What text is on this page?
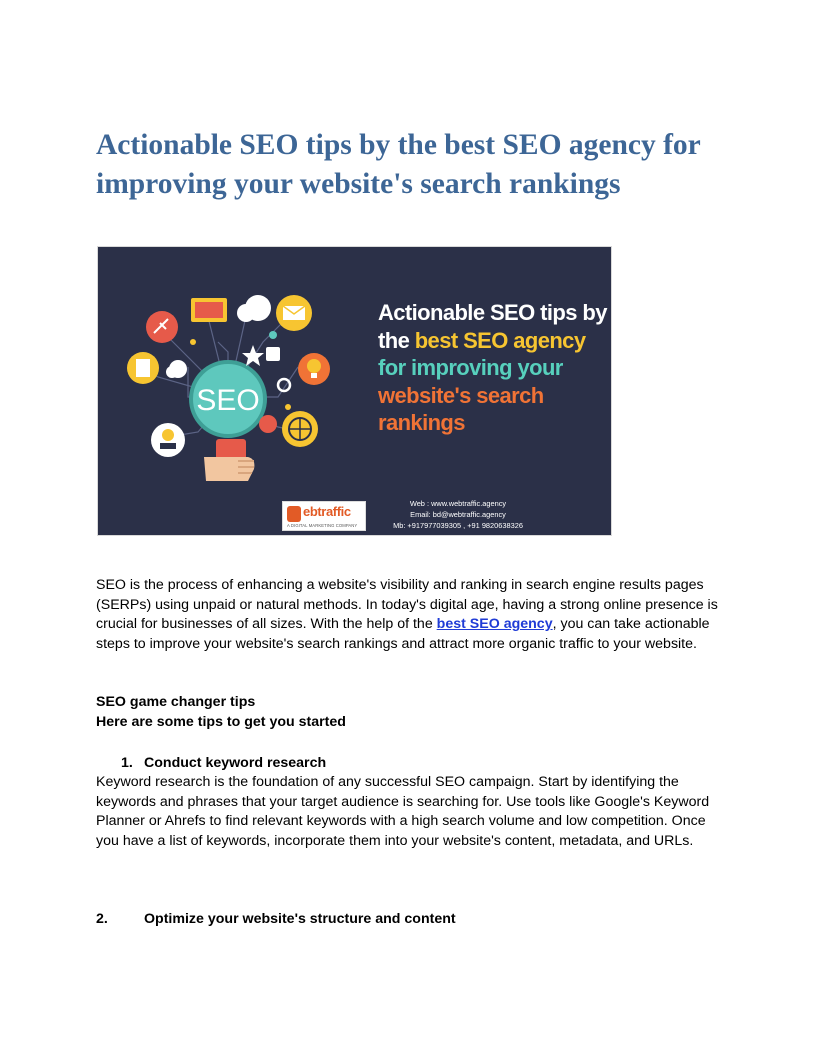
Actionable SEO tips by the best SEO agency for improving your website's search rankings
SEO
Actionable SEO tips by
the best SEO agency
for improving your
website's search
rankings
ebtraffic
A DIGITAL MARKETING COMPANY
Web : www.webtraffic.agency
Email: bd@webtraffic.agency
Mb: +917977039305 , +91 9820638326

SEO is the process of enhancing a website's visibility and ranking in search engine results pages (SERPs) using unpaid or natural methods. In today's digital age, having a strong online presence is crucial for businesses of all sizes. With the help of the best SEO agency, you can take actionable steps to improve your website's search rankings and attract more organic traffic to your website.

SEO game changer tips
Here are some tips to get you started
1. Conduct keyword research

Keyword research is the foundation of any successful SEO campaign. Start by identifying the keywords and phrases that your target audience is searching for. Use tools like Google's Keyword Planner or Ahrefs to find relevant keywords with a high search volume and low competition. Once you have a list of keywords, incorporate them into your website's content, metadata, and URLs.

2.	Optimize your website's structure and content
